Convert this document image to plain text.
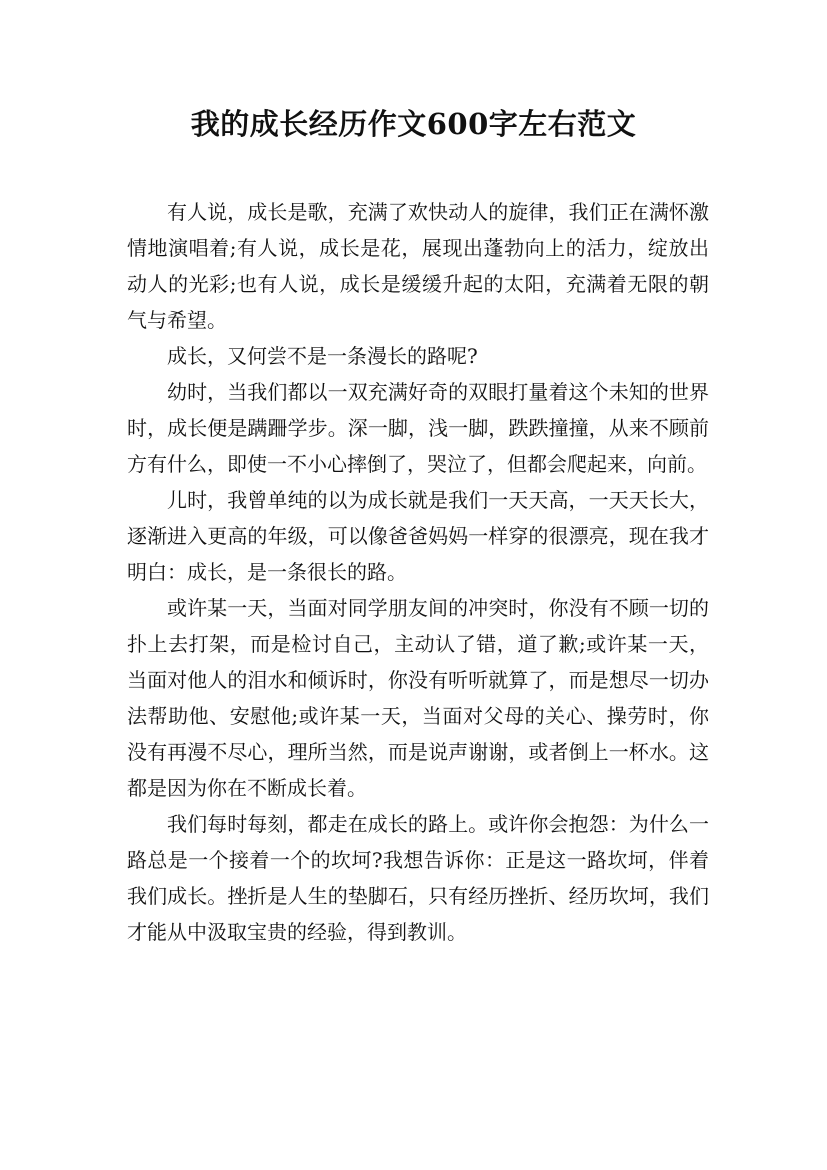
我的成长经历作文600字左右范文

有人说，成长是歌，充满了欢快动人的旋律，我们正在满怀激情地演唱着;有人说，成长是花，展现出蓬勃向上的活力，绽放出动人的光彩;也有人说，成长是缓缓升起的太阳，充满着无限的朝气与希望。

成长，又何尝不是一条漫长的路呢?

幼时，当我们都以一双充满好奇的双眼打量着这个未知的世界时，成长便是蹒跚学步。深一脚，浅一脚，跌跌撞撞，从来不顾前方有什么，即使一不小心摔倒了，哭泣了，但都会爬起来，向前。

儿时，我曾单纯的以为成长就是我们一天天高，一天天长大，逐渐进入更高的年级，可以像爸爸妈妈一样穿的很漂亮，现在我才明白：成长，是一条很长的路。

或许某一天，当面对同学朋友间的冲突时，你没有不顾一切的扑上去打架，而是检讨自己，主动认了错，道了歉;或许某一天，当面对他人的泪水和倾诉时，你没有听听就算了，而是想尽一切办法帮助他、安慰他;或许某一天，当面对父母的关心、操劳时，你没有再漫不尽心，理所当然，而是说声谢谢，或者倒上一杯水。这都是因为你在不断成长着。

我们每时每刻，都走在成长的路上。或许你会抱怨：为什么一路总是一个接着一个的坎坷?我想告诉你：正是这一路坎坷，伴着我们成长。挫折是人生的垫脚石，只有经历挫折、经历坎坷，我们才能从中汲取宝贵的经验，得到教训。
